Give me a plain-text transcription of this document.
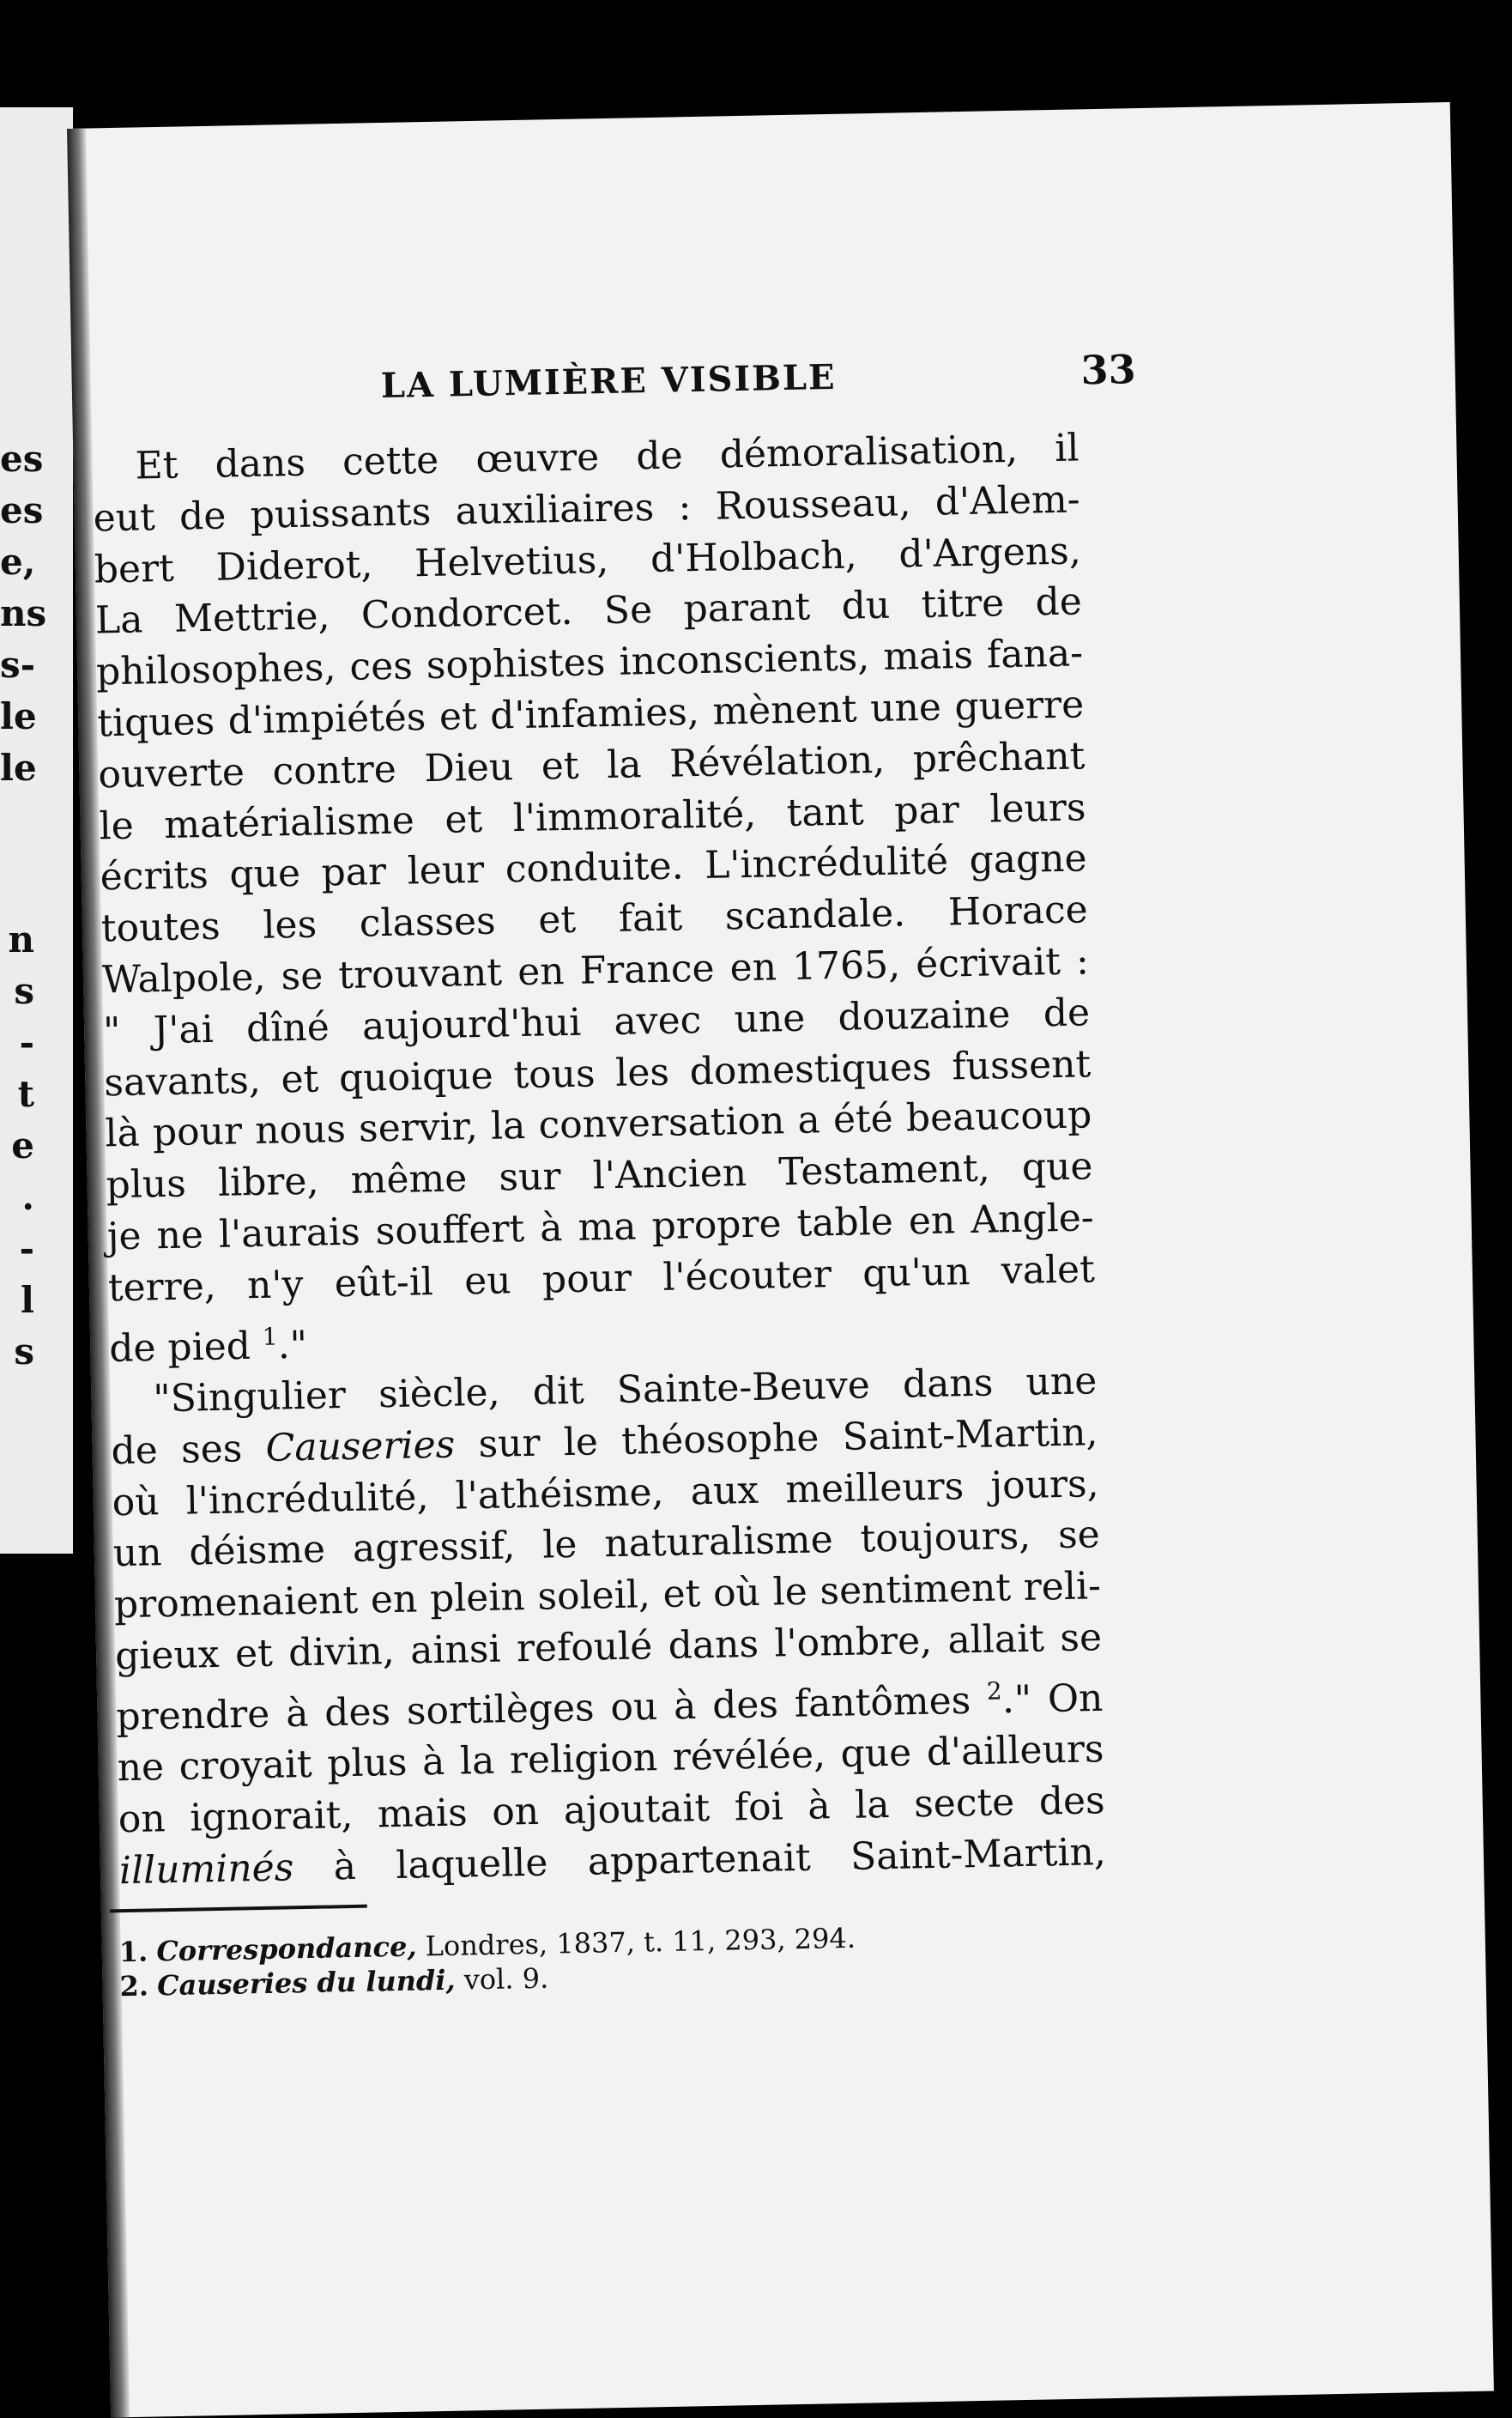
es
es
e,
ns
s-
le
le
n
s
-
t
e
.
-
l
s
LA LUMIÈRE VISIBLE	33
Et dans cette œuvre de démoralisation, il
eut de puissants auxiliaires : Rousseau, d'Alem-
bert Diderot, Helvetius, d'Holbach, d'Argens,
La Mettrie, Condorcet. Se parant du titre de
philosophes, ces sophistes inconscients, mais fana-
tiques d'impiétés et d'infamies, mènent une guerre
ouverte contre Dieu et la Révélation, prêchant
le matérialisme et l'immoralité, tant par leurs
écrits que par leur conduite. L'incrédulité gagne
toutes les classes et fait scandale. Horace
Walpole, se trouvant en France en 1765, écrivait :
" J'ai dîné aujourd'hui avec une douzaine de
savants, et quoique tous les domestiques fussent
là pour nous servir, la conversation a été beaucoup
plus libre, même sur l'Ancien Testament, que
je ne l'aurais souffert à ma propre table en Angle-
terre, n'y eût-il eu pour l'écouter qu'un valet
de pied $^1$."
"Singulier siècle, dit Sainte-Beuve dans une
de ses Causeries sur le théosophe Saint-Martin,
où l'incrédulité, l'athéisme, aux meilleurs jours,
un déisme agressif, le naturalisme toujours, se
promenaient en plein soleil, et où le sentiment reli-
gieux et divin, ainsi refoulé dans l'ombre, allait se
prendre à des sortilèges ou à des fantômes $^2$." On
ne croyait plus à la religion révélée, que d'ailleurs
on ignorait, mais on ajoutait foi à la secte des
illuminés à laquelle appartenait Saint-Martin,
1. Correspondance, Londres, 1837, t. 11, 293, 294.
2. Causeries du lundi, vol. 9.
